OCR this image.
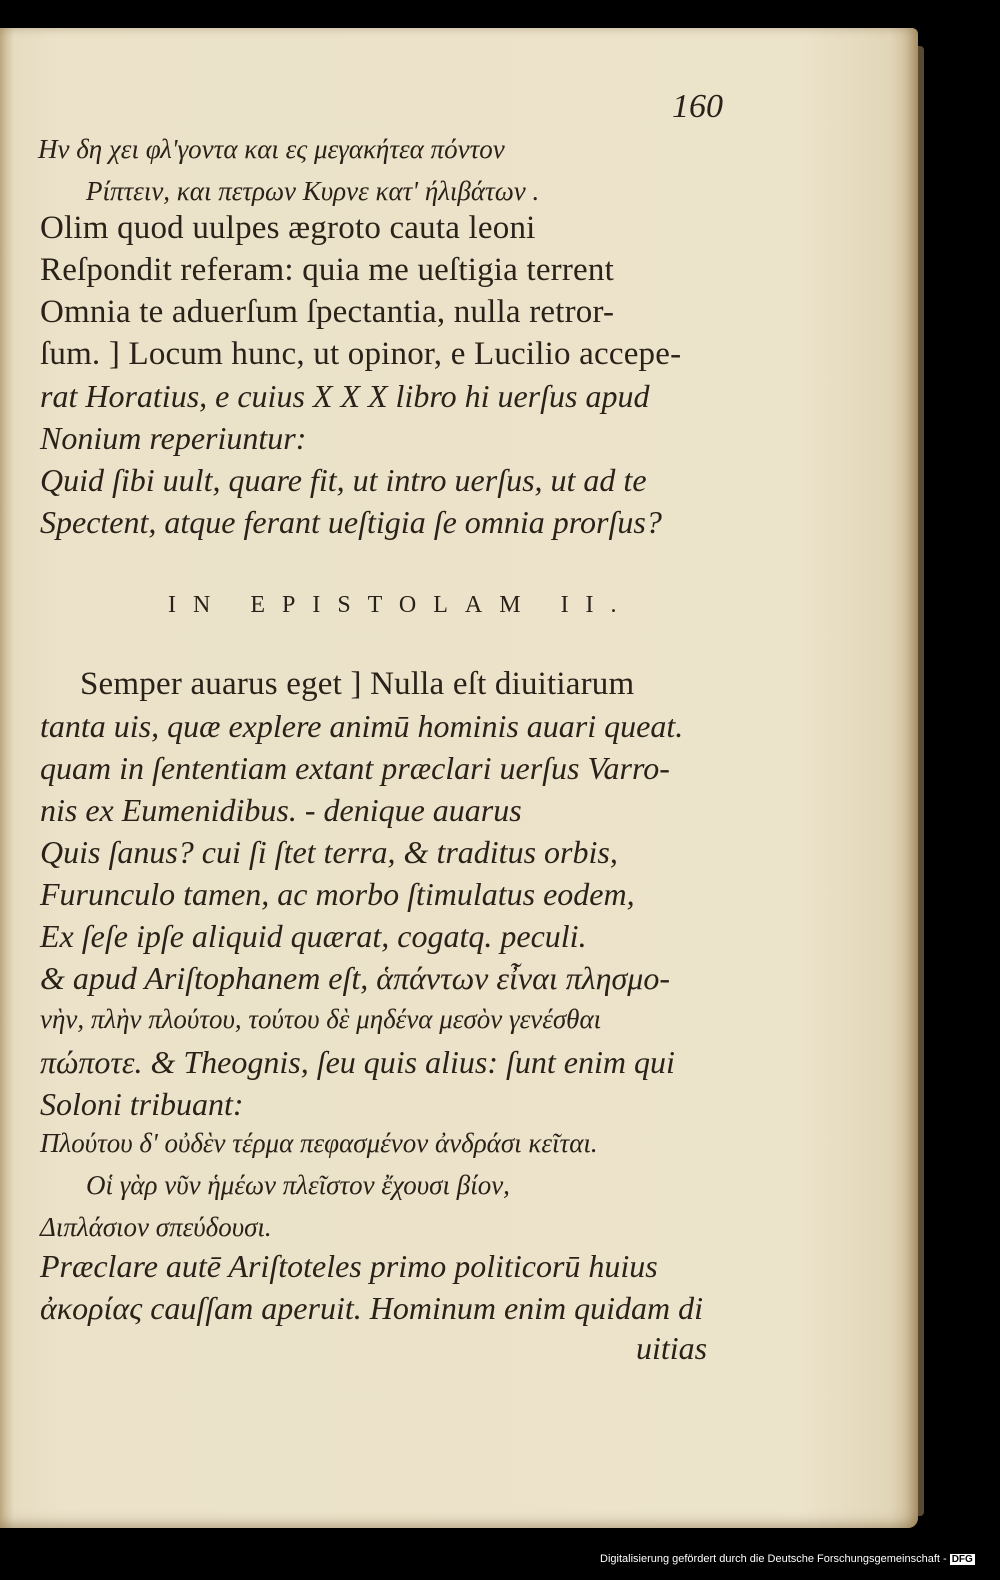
160
Ην δη χει φλ'γοντα και ες μεγακήτεα πόντον
Ρίπτειν, και πετρων Κυρνε κατ' ήλιβάτων .
Olim quod uulpes ægroto cauta leoni
Reſpondit referam: quia me ueſtigia terrent
Omnia te aduerſum ſpectantia, nulla retror-
ſum. ] Locum hunc, ut opinor, e Lucilio accepe-
rat Horatius, e cuius X X X libro hi uerſus apud
Nonium reperiuntur:
Quid ſibi uult, quare fit, ut intro uerſus, ut ad te
Spectent, atque ferant ueſtigia ſe omnia prorſus?
IN EPISTOLAM II.
Semper auarus eget ] Nulla eſt diuitiarum
tanta uis, quæ explere animū hominis auari queat.
quam in ſententiam extant præclari uerſus Varro-
nis ex Eumenidibus. - denique auarus
Quis ſanus? cui ſi ſtet terra, & traditus orbis,
Furunculo tamen, ac morbo ſtimulatus eodem,
Ex ſeſe ipſe aliquid quærat, cogatq. peculi.
& apud Ariſtophanem eſt, ἁπάντων εἶναι πλησμο-
νὴν, πλὴν πλούτου, τούτου δὲ μηδένα μεσὸν γενέσθαι
πώποτε. & Theognis, ſeu quis alius: ſunt enim qui
Soloni tribuant:
Πλούτου δ' οὐδὲν τέρμα πεφασμένον ἀνδράσι κεῖται.
Οἱ γὰρ νῦν ἡμέων πλεῖστον ἔχουσι βίον,
Διπλάσιον σπεύδουσι.
Præclare autē Ariſtoteles primo politicorū huius
ἀκορίας cauſſam aperuit. Hominum enim quidam di
uitias
Digitalisierung gefördert durch die Deutsche Forschungsgemeinschaft - DFG
